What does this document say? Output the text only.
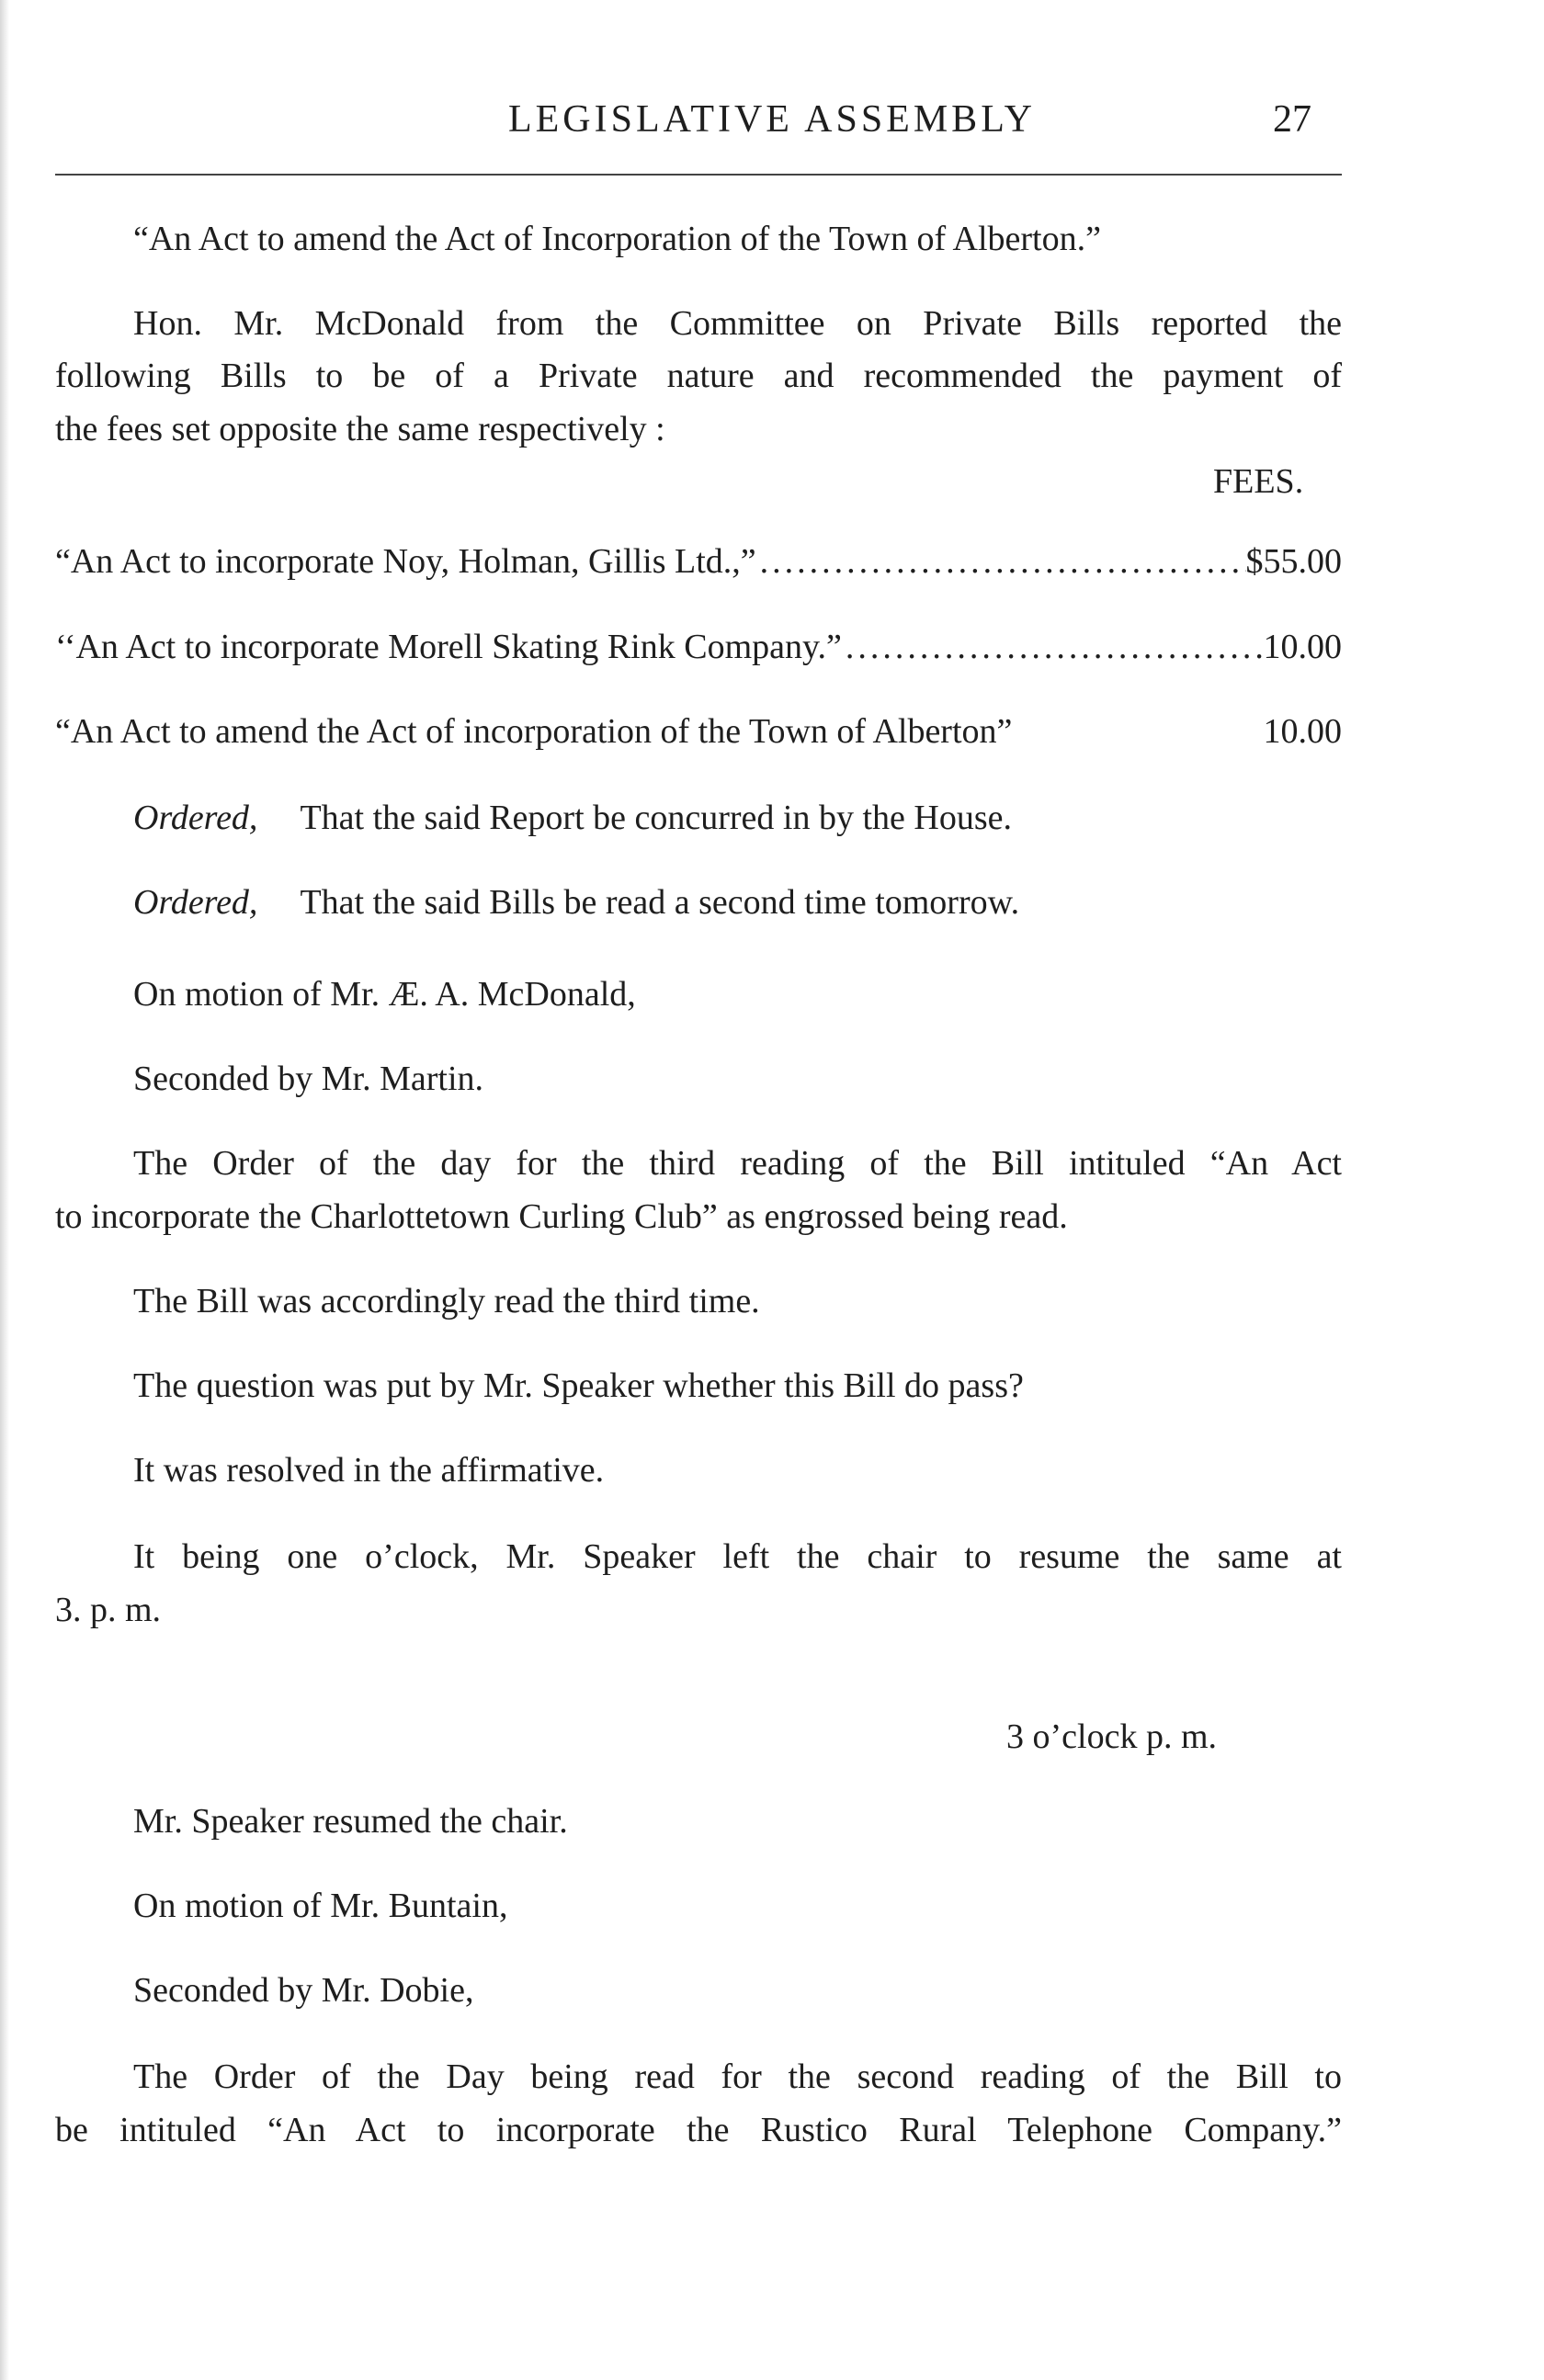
LEGISLATIVE ASSEMBLY	27
“An Act to amend the Act of Incorporation of the Town of Alberton.”
Hon. Mr. McDonald from the Committee on Private Bills reported the
following Bills to be of a Private nature and recommended the payment of
the fees set opposite the same respectively :
FEES.
“An Act to incorporate Noy, Holman, Gillis Ltd.,” .....	$55.00
‘‘An Act to incorporate Morell Skating Rink Company.” .....	10.00
“An Act to amend the Act of incorporation of the Town of Alberton”	10.00
Ordered, That the said Report be concurred in by the House.
Ordered, That the said Bills be read a second time tomorrow.
On motion of Mr. Æ. A. McDonald,
Seconded by Mr. Martin.
The Order of the day for the third reading of the Bill intituled “An Act
to incorporate the Charlottetown Curling Club” as engrossed being read.
The Bill was accordingly read the third time.
The question was put by Mr. Speaker whether this Bill do pass?
It was resolved in the affirmative.
It being one o’clock, Mr. Speaker left the chair to resume the same at
3. p. m.
3 o’clock p. m.
Mr. Speaker resumed the chair.
On motion of Mr. Buntain,
Seconded by Mr. Dobie,
The Order of the Day being read for the second reading of the Bill to
be intituled “An Act to incorporate the Rustico Rural Telephone Company.”
